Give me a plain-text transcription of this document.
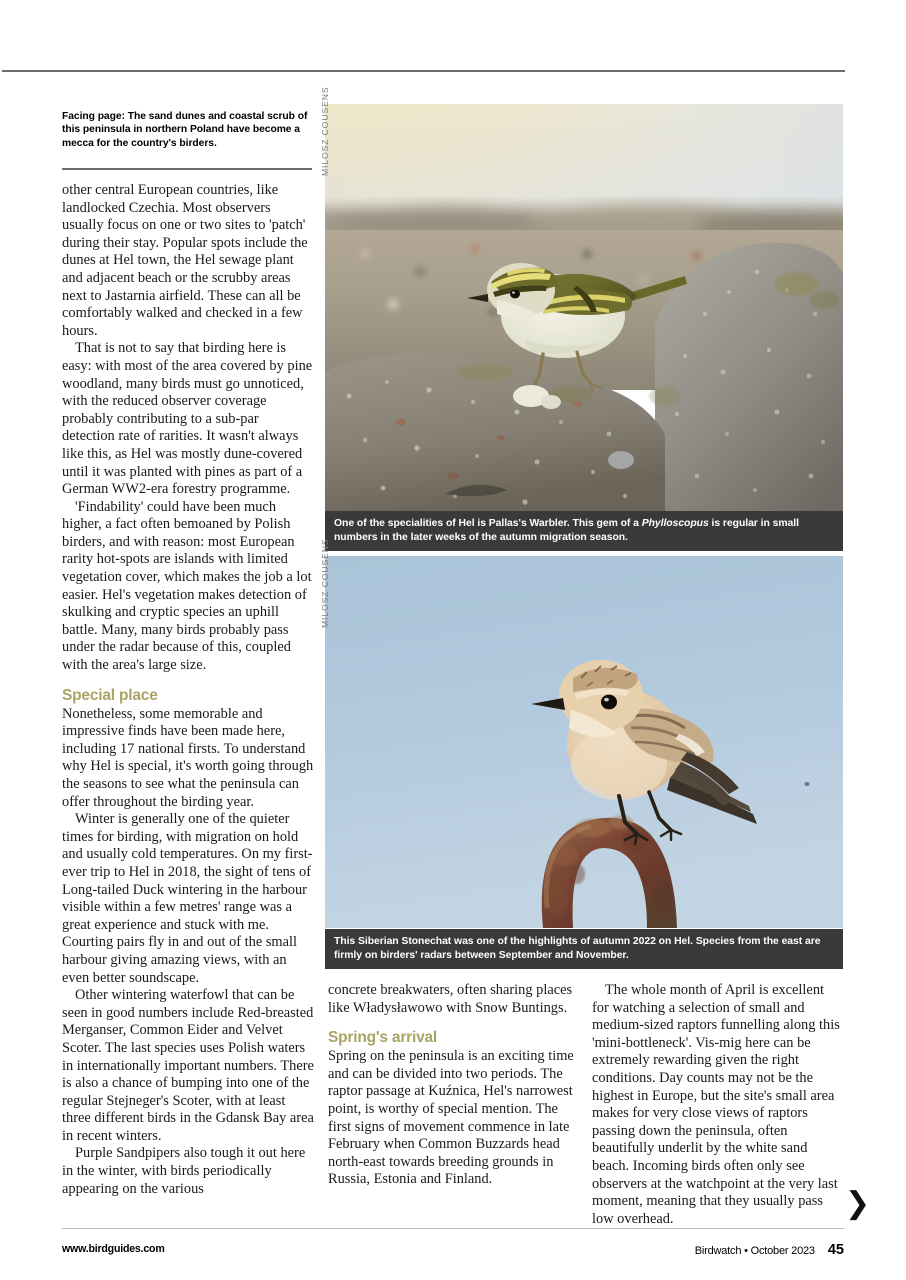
Facing page: The sand dunes and coastal scrub of this peninsula in northern Poland have become a mecca for the country's birders.	MILOSZ COUSENS
One of the specialities of Hel is Pallas's Warbler. This gem of a Phylloscopus is regular in small numbers in the later weeks of the autumn migration season.
MILOSZ COUSENS
This Siberian Stonechat was one of the highlights of autumn 2022 on Hel. Species from the east are firmly on birders' radars between September and November.

other central European countries, like landlocked Czechia. Most observers usually focus on one or two sites to 'patch' during their stay. Popular spots include the dunes at Hel town, the Hel sewage plant and adjacent beach or the scrubby areas next to Jastarnia airfield. These can all be comfortably walked and checked in a few hours.

That is not to say that birding here is easy: with most of the area covered by pine woodland, many birds must go unnoticed, with the reduced observer coverage probably contributing to a sub-par detection rate of rarities. It wasn't always like this, as Hel was mostly dune-covered until it was planted with pines as part of a German WW2-era forestry programme.

'Findability' could have been much higher, a fact often bemoaned by Polish birders, and with reason: most European rarity hot-spots are islands with limited vegetation cover, which makes the job a lot easier. Hel's vegetation makes detection of skulking and cryptic species an uphill battle. Many, many birds probably pass under the radar because of this, coupled with the area's large size.

Special place

Nonetheless, some memorable and impressive finds have been made here, including 17 national firsts. To understand why Hel is special, it's worth going through the seasons to see what the peninsula can offer throughout the birding year.

Winter is generally one of the quieter times for birding, with migration on hold and usually cold temperatures. On my first-ever trip to Hel in 2018, the sight of tens of Long-tailed Duck wintering in the harbour visible within a few metres' range was a great experience and stuck with me. Courting pairs fly in and out of the small harbour giving amazing views, with an even better soundscape.

Other wintering waterfowl that can be seen in good numbers include Red-breasted Merganser, Common Eider and Velvet Scoter. The last species uses Polish waters in internationally important numbers. There is also a chance of bumping into one of the regular Stejneger's Scoter, with at least three different birds in the Gdansk Bay area in recent winters.

Purple Sandpipers also tough it out here in the winter, with birds periodically appearing on the various

concrete breakwaters, often sharing places like Władysławowo with Snow Buntings.

Spring's arrival

Spring on the peninsula is an exciting time and can be divided into two periods. The raptor passage at Kuźnica, Hel's narrowest point, is worthy of special mention. The first signs of movement commence in late February when Common Buzzards head north-east towards breeding grounds in Russia, Estonia and Finland.

The whole month of April is excellent for watching a selection of small and medium-sized raptors funnelling along this 'mini-bottleneck'. Vis-mig here can be extremely rewarding given the right conditions. Day counts may not be the highest in Europe, but the site's small area makes for very close views of raptors passing down the peninsula, often beautifully underlit by the white sand beach. Incoming birds often only see observers at the watchpoint at the very last moment, meaning that they usually pass low overhead.	❯
www.birdguides.com	Birdwatch • October 2023 45
